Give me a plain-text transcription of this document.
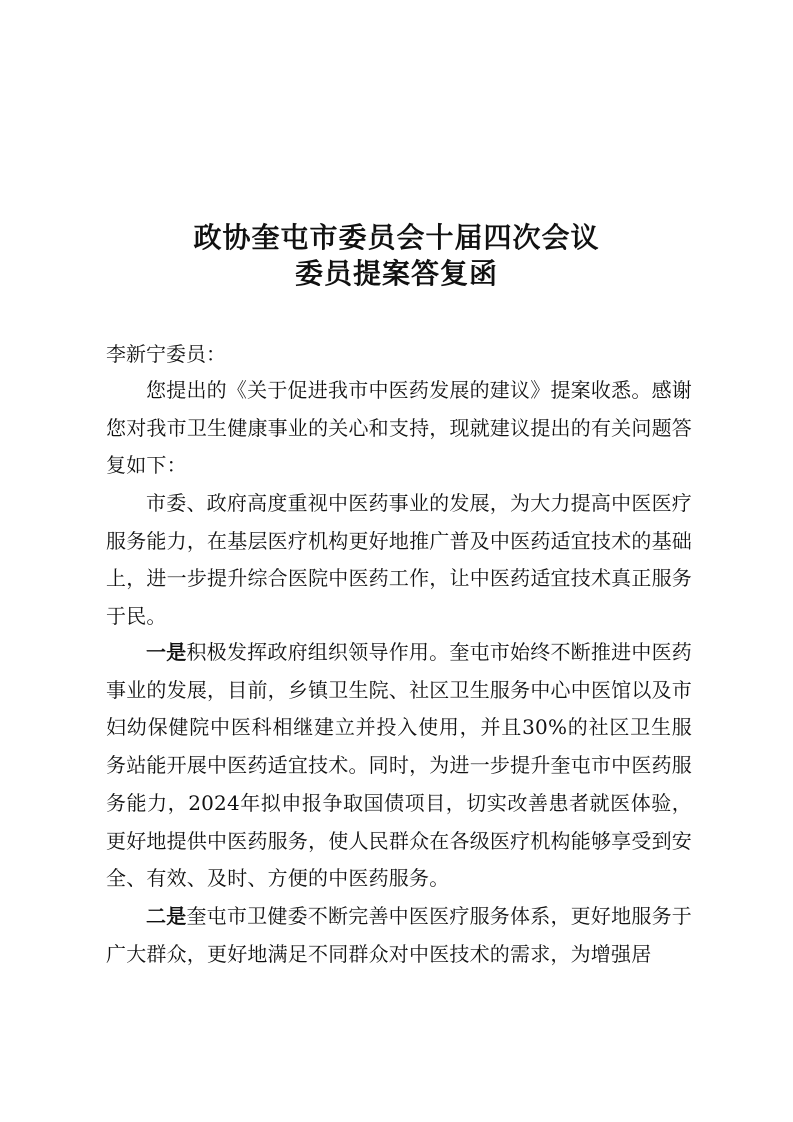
政协奎屯市委员会十届四次会议
委员提案答复函
李新宁委员：
您提出的《关于促进我市中医药发展的建议》提案收悉。感谢您对我市卫生健康事业的关心和支持，现就建议提出的有关问题答复如下：
市委、政府高度重视中医药事业的发展，为大力提高中医医疗服务能力，在基层医疗机构更好地推广普及中医药适宜技术的基础上，进一步提升综合医院中医药工作，让中医药适宜技术真正服务于民。
一是积极发挥政府组织领导作用。奎屯市始终不断推进中医药事业的发展，目前，乡镇卫生院、社区卫生服务中心中医馆以及市妇幼保健院中医科相继建立并投入使用，并且30%的社区卫生服务站能开展中医药适宜技术。同时，为进一步提升奎屯市中医药服务能力，2024年拟申报争取国债项目，切实改善患者就医体验，更好地提供中医药服务，使人民群众在各级医疗机构能够享受到安全、有效、及时、方便的中医药服务。
二是奎屯市卫健委不断完善中医医疗服务体系，更好地服务于广大群众，更好地满足不同群众对中医技术的需求，为增强居
